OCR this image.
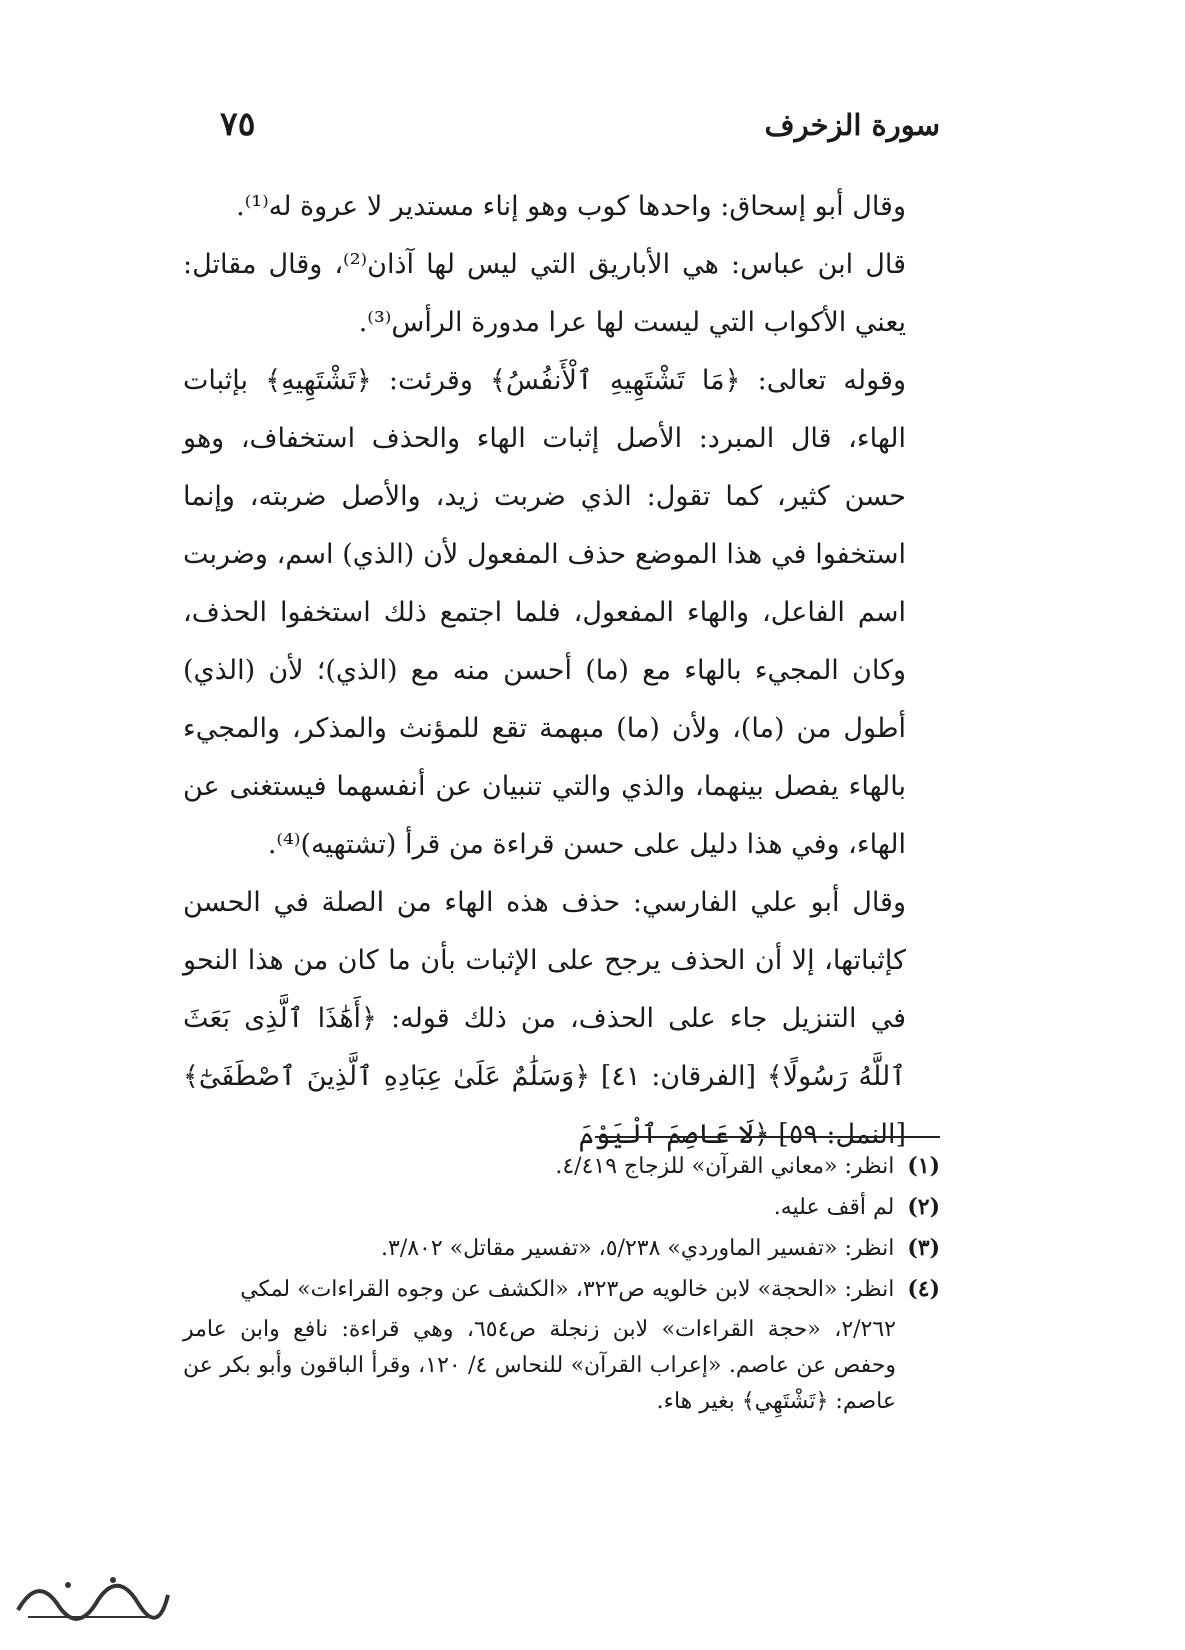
سورة الزخرف
٧٥

وقال أبو إسحاق: واحدها كوب وهو إناء مستدير لا عروة له⁽¹⁾.

قال ابن عباس: هي الأباريق التي ليس لها آذان⁽²⁾، وقال مقاتل: يعني الأكواب التي ليست لها عرا مدورة الرأس⁽³⁾.

وقوله تعالى: ﴿مَا تَشْتَهِيهِ ٱلْأَنفُسُ﴾ وقرئت: ﴿تَشْتَهِيهِ﴾ بإثبات الهاء، قال المبرد: الأصل إثبات الهاء والحذف استخفاف، وهو حسن كثير، كما تقول: الذي ضربت زيد، والأصل ضربته، وإنما استخفوا في هذا الموضع حذف المفعول لأن (الذي) اسم، وضربت اسم الفاعل، والهاء المفعول، فلما اجتمع ذلك استخفوا الحذف، وكان المجيء بالهاء مع (ما) أحسن منه مع (الذي)؛ لأن (الذي) أطول من (ما)، ولأن (ما) مبهمة تقع للمؤنث والمذكر، والمجيء بالهاء يفصل بينهما، والذي والتي تنبيان عن أنفسهما فيستغنى عن الهاء، وفي هذا دليل على حسن قراءة من قرأ (تشتهيه)⁽⁴⁾.

وقال أبو علي الفارسي: حذف هذه الهاء من الصلة في الحسن كإثباتها، إلا أن الحذف يرجح على الإثبات بأن ما كان من هذا النحو في التنزيل جاء على الحذف، من ذلك قوله: ﴿أَهَٰذَا ٱلَّذِى بَعَثَ ٱللَّهُ رَسُولًا﴾ [الفرقان: ٤١] ﴿وَسَلَٰمٌ عَلَىٰ عِبَادِهِ ٱلَّذِينَ ٱصْطَفَىٰٓ﴾ [النمل: ٥٩] ﴿لَا عَاصِمَ ٱلْيَوْمَ

(١) انظر: «معاني القرآن» للزجاج ٤/٤١٩.

(٢) لم أقف عليه.

(٣) انظر: «تفسير الماوردي» ٥/٢٣٨، «تفسير مقاتل» ٣/٨٠٢.

(٤) انظر: «الحجة» لابن خالويه ص٣٢٣، «الكشف عن وجوه القراءات» لمكي

٢/٢٦٢، «حجة القراءات» لابن زنجلة ص٦٥٤، وهي قراءة: نافع وابن عامر وحفص عن عاصم. «إعراب القرآن» للنحاس ٤/ ١٢٠، وقرأ الباقون وأبو بكر عن عاصم: ﴿تَشْتَهِي﴾ بغير هاء.
